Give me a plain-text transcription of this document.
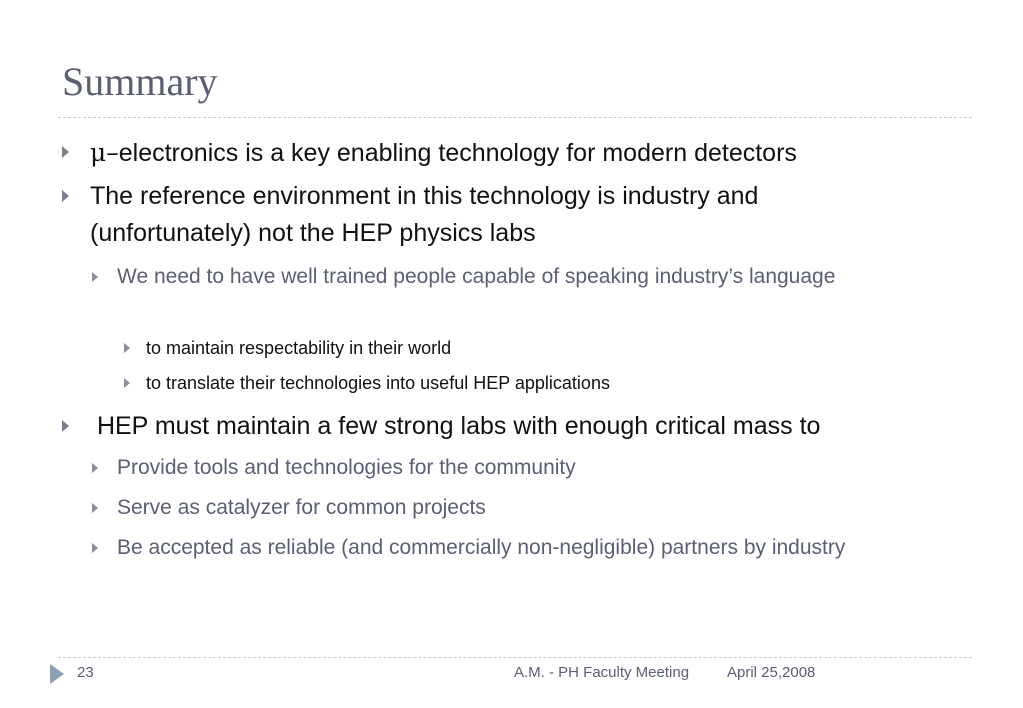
Summary
μ–electronics is a key enabling technology for modern detectors
The reference environment in this technology is industry and (unfortunately) not the HEP physics labs
We need to have well trained people capable of speaking industry’s language
to maintain respectability in their world
to translate their technologies into useful HEP applications
HEP must maintain a few strong labs with enough critical mass to
Provide tools and technologies for the community
Serve as catalyzer for common projects
Be accepted as reliable (and commercially non-negligible) partners by industry
23	A.M. - PH Faculty Meeting	April 25,2008
